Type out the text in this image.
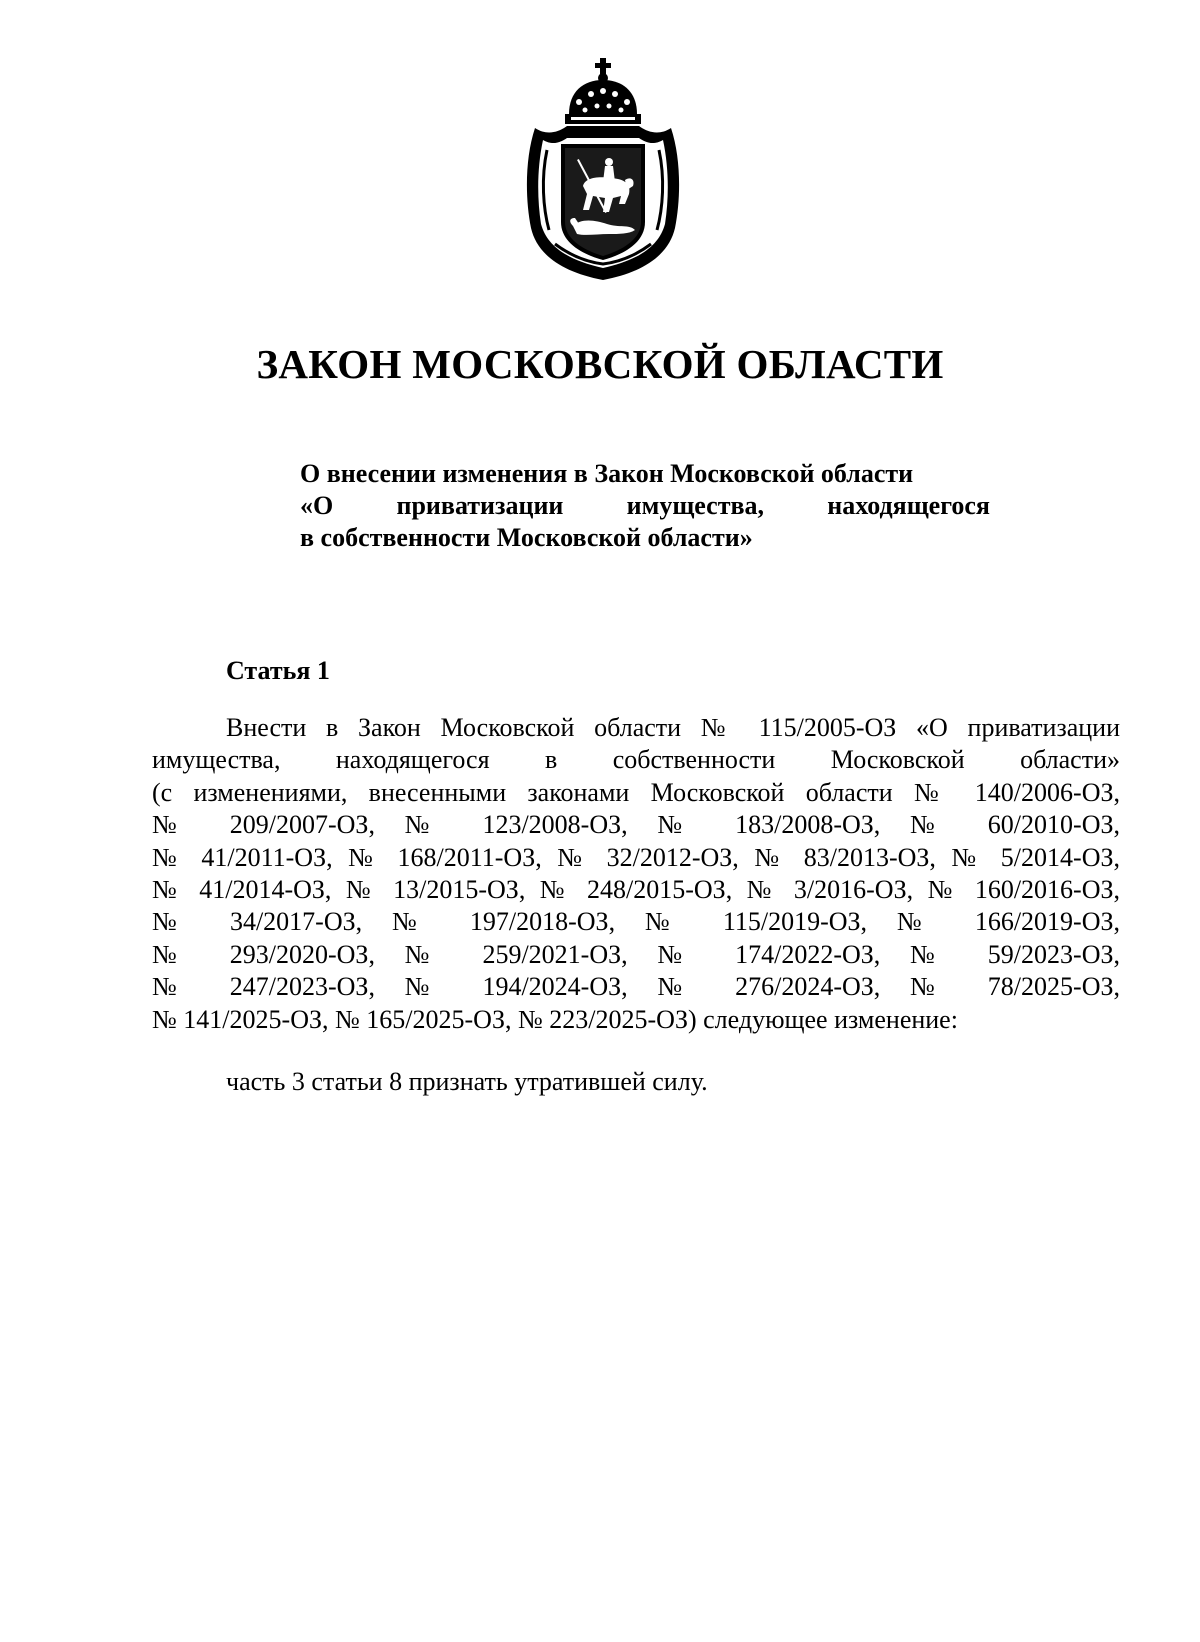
ЗАКОН МОСКОВСКОЙ ОБЛАСТИ
О внесении изменения в Закон Московской области
«О приватизации имущества, находящегося
в собственности Московской области»
Статья 1
Внести в Закон Московской области № 115/2005-ОЗ «О приватизации
имущества, находящегося в собственности Московской области»
(с изменениями, внесенными законами Московской области № 140/2006-ОЗ,
№ 209/2007-ОЗ, № 123/2008-ОЗ, № 183/2008-ОЗ, № 60/2010-ОЗ,
№ 41/2011-ОЗ, № 168/2011-ОЗ, № 32/2012-ОЗ, № 83/2013-ОЗ, № 5/2014-ОЗ,
№ 41/2014-ОЗ, № 13/2015-ОЗ, № 248/2015-ОЗ, № 3/2016-ОЗ, № 160/2016-ОЗ,
№ 34/2017-ОЗ, № 197/2018-ОЗ, № 115/2019-ОЗ, № 166/2019-ОЗ,
№ 293/2020-ОЗ, № 259/2021-ОЗ, № 174/2022-ОЗ, № 59/2023-ОЗ,
№ 247/2023-ОЗ, № 194/2024-ОЗ, № 276/2024-ОЗ, № 78/2025-ОЗ,
№ 141/2025-ОЗ, № 165/2025-ОЗ, № 223/2025-ОЗ) следующее изменение:
часть 3 статьи 8 признать утратившей силу.
